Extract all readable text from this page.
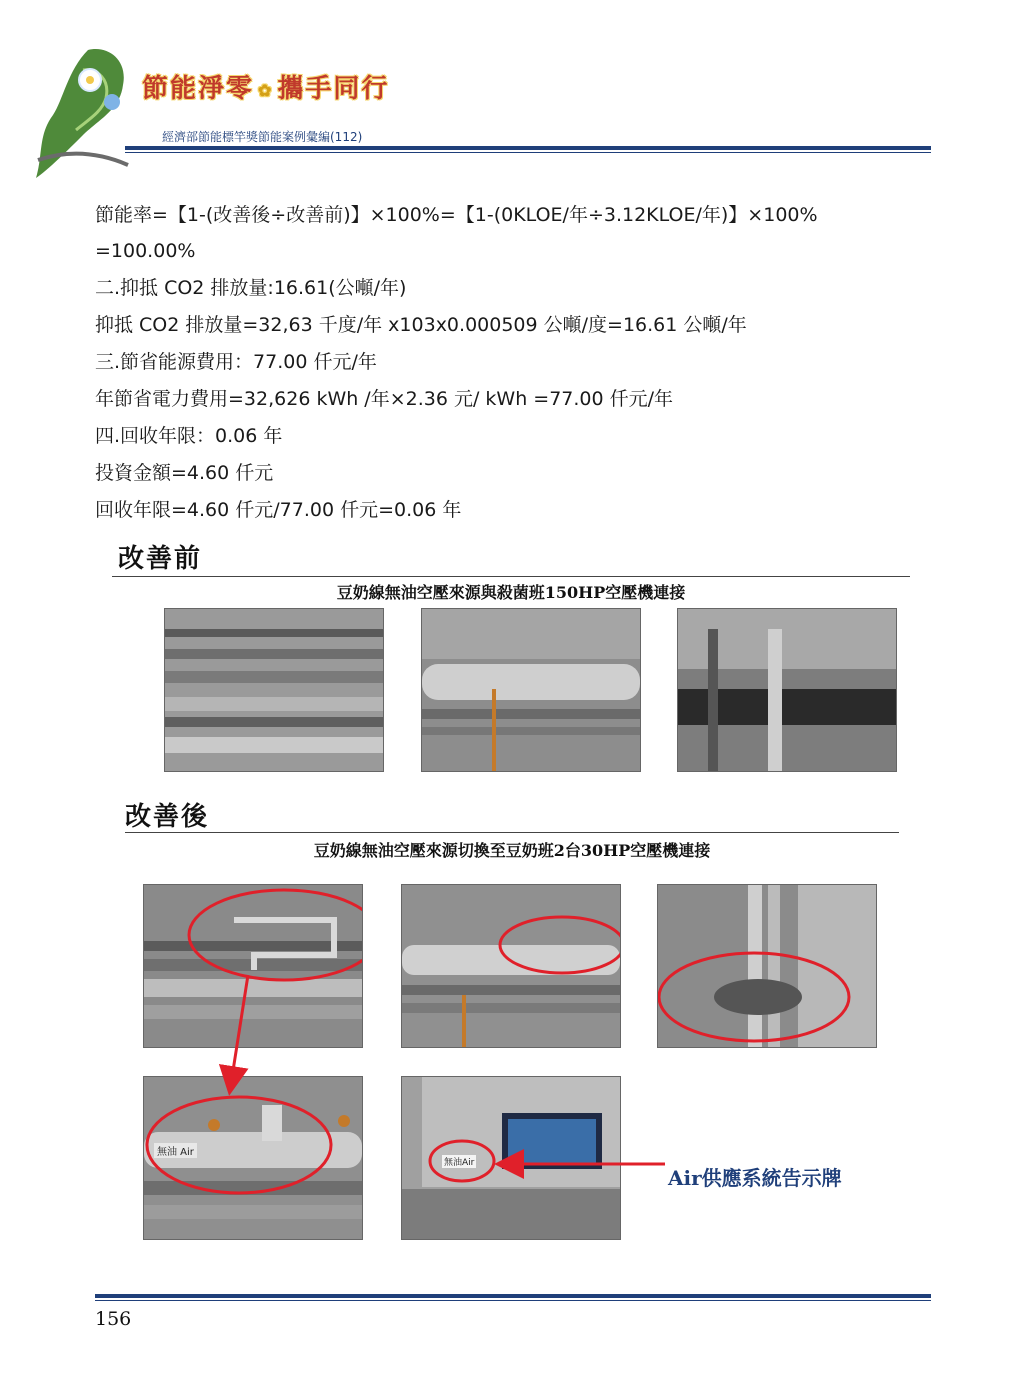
節能淨零 ✿ 攜手同行
經濟部節能標竿獎節能案例彙編(112)
節能率=【1-(改善後÷改善前)】×100%=【1-(0KLOE/年÷3.12KLOE/年)】×100%
=100.00%
二.抑抵 CO2 排放量:16.61(公噸/年)
抑抵 CO2 排放量=32,63 千度/年 x103x0.000509 公噸/度=16.61 公噸/年
三.節省能源費用：77.00 仟元/年
年節省電力費用=32,626 kWh /年×2.36 元/ kWh =77.00 仟元/年
四.回收年限：0.06 年
投資金額=4.60 仟元
回收年限=4.60 仟元/77.00 仟元=0.06 年
改善前
豆奶線無油空壓來源與殺菌班150HP空壓機連接
改善後
豆奶線無油空壓來源切換至豆奶班2台30HP空壓機連接
無油 Air
無油Air
Air供應系統告示牌
156
